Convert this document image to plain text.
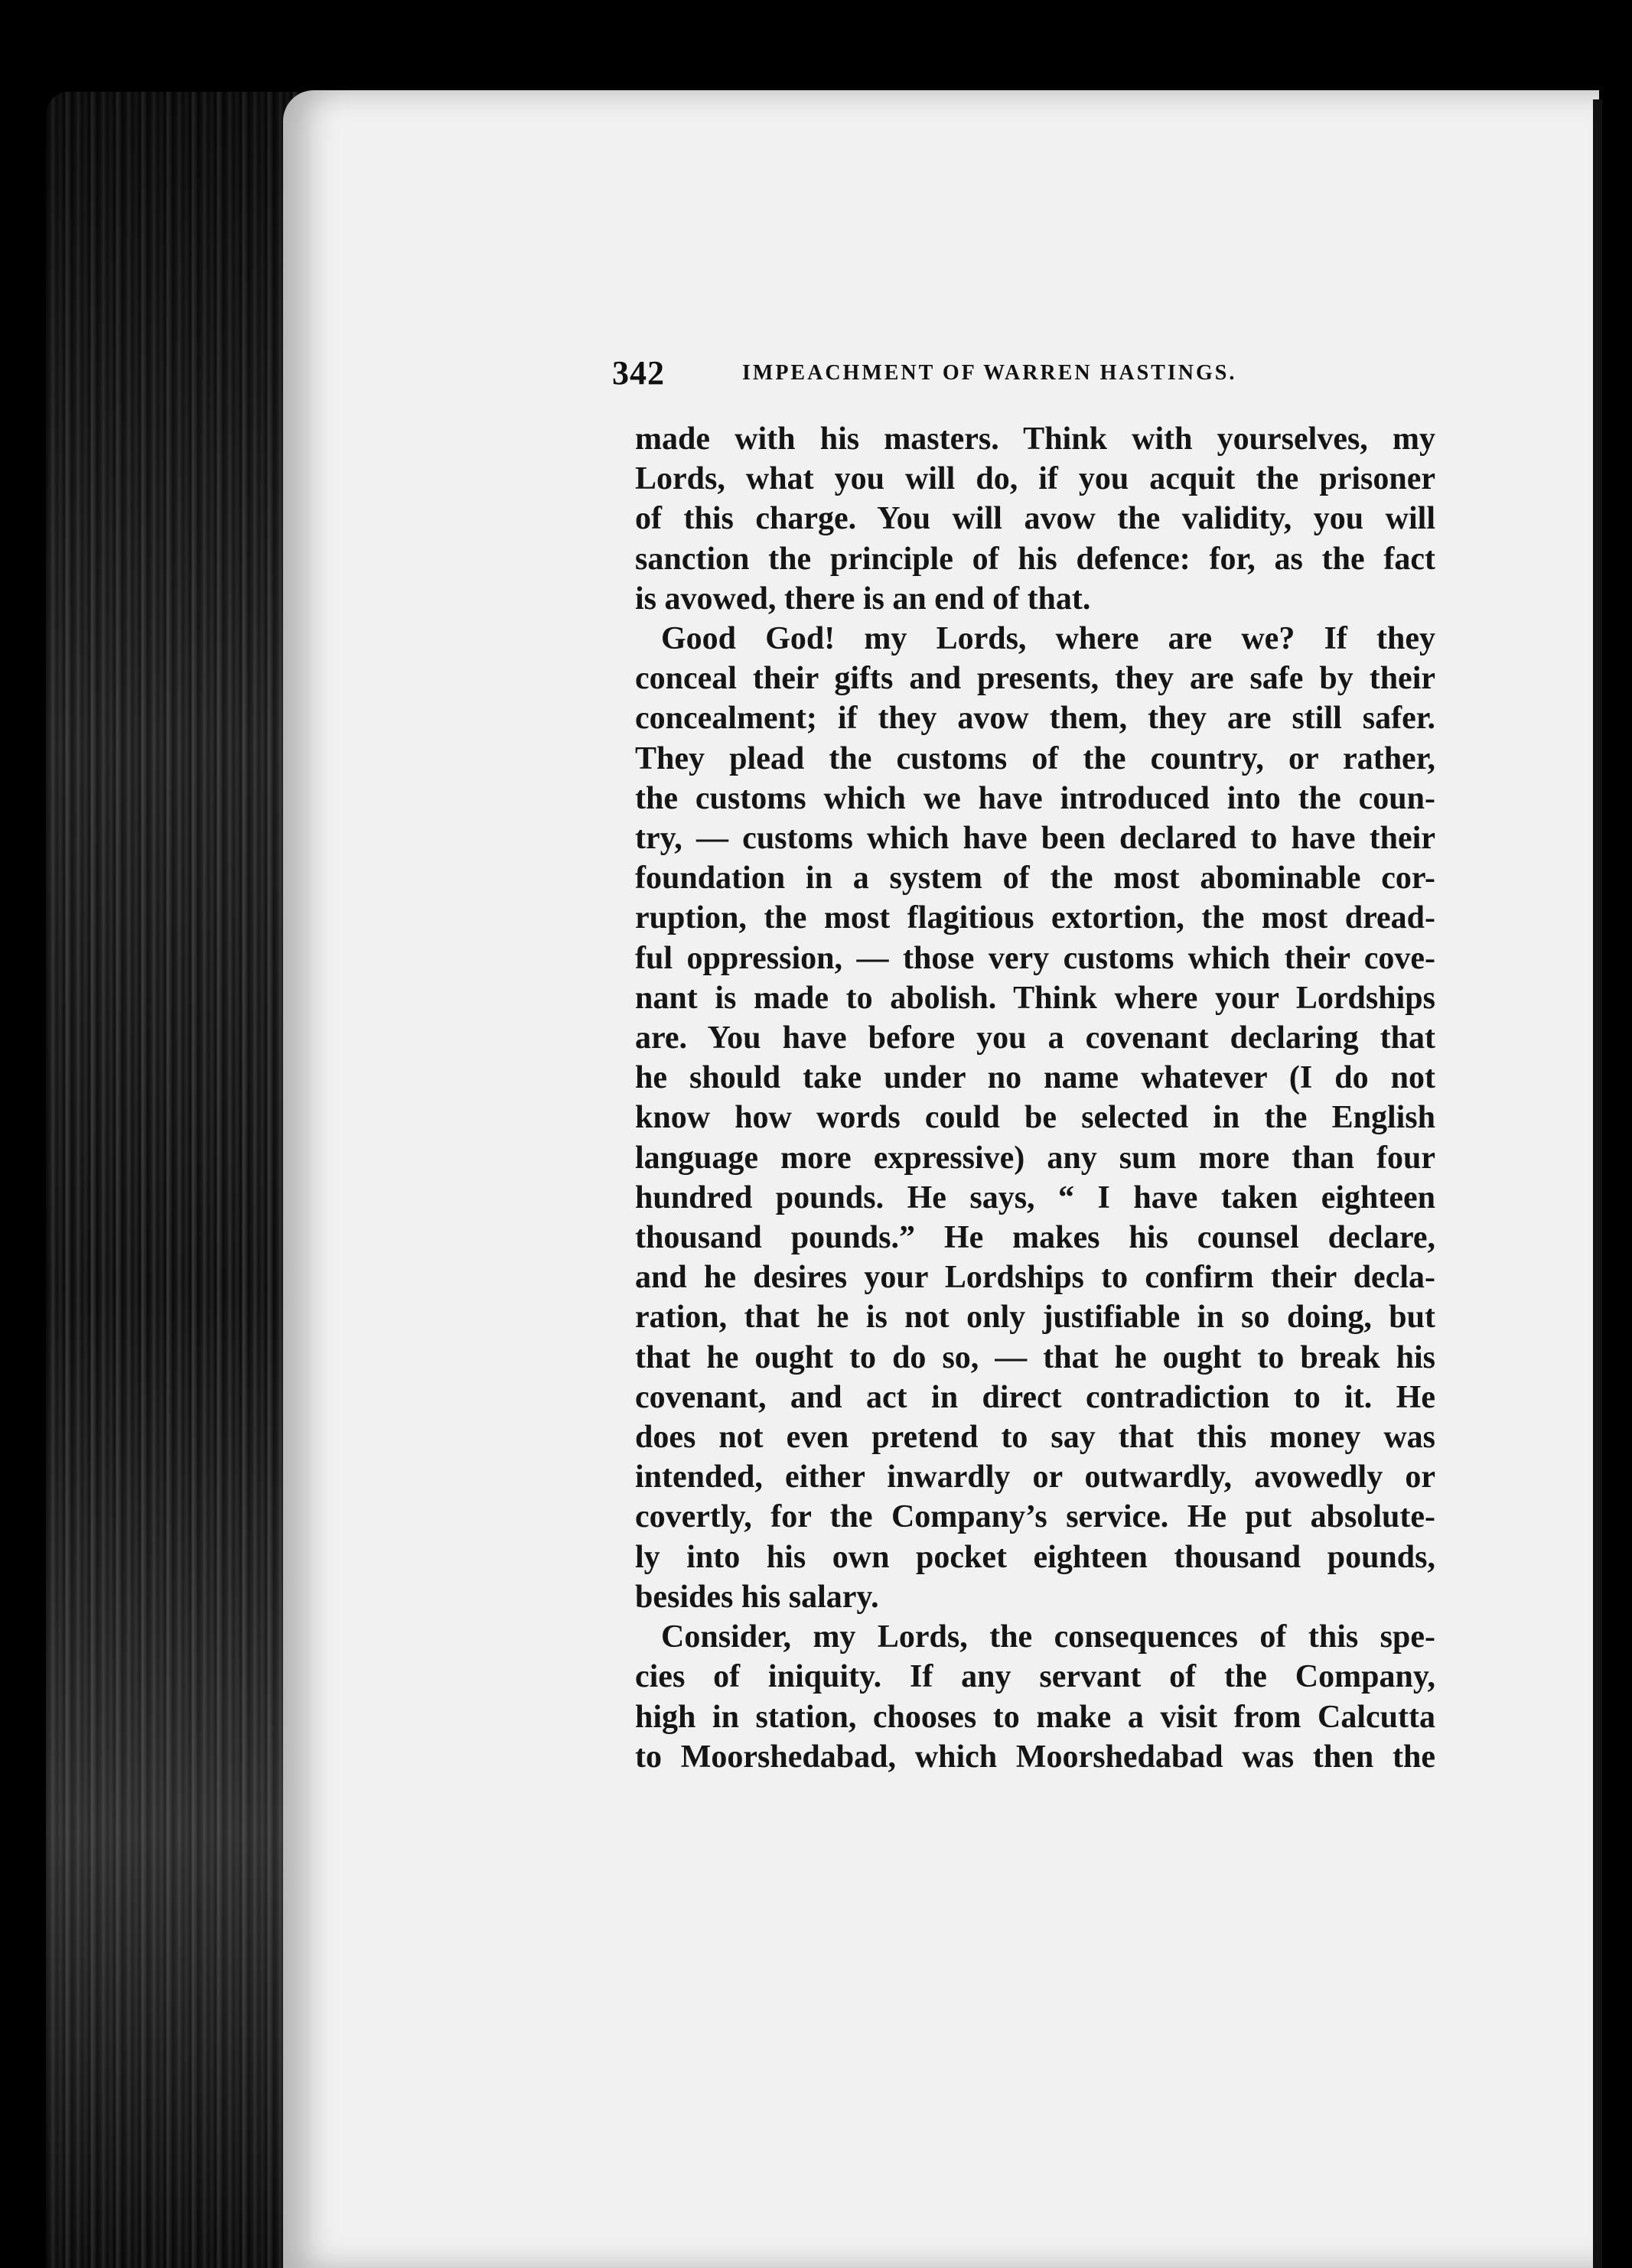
342	IMPEACHMENT OF WARREN HASTINGS.
made with his masters. Think with yourselves, my
Lords, what you will do, if you acquit the prisoner
of this charge. You will avow the validity, you will
sanction the principle of his defence: for, as the fact
is avowed, there is an end of that.
Good God! my Lords, where are we? If they
conceal their gifts and presents, they are safe by their
concealment; if they avow them, they are still safer.
They plead the customs of the country, or rather,
the customs which we have introduced into the coun-
try, — customs which have been declared to have their
foundation in a system of the most abominable cor-
ruption, the most flagitious extortion, the most dread-
ful oppression, — those very customs which their cove-
nant is made to abolish. Think where your Lordships
are. You have before you a covenant declaring that
he should take under no name whatever (I do not
know how words could be selected in the English
language more expressive) any sum more than four
hundred pounds. He says, “ I have taken eighteen
thousand pounds.” He makes his counsel declare,
and he desires your Lordships to confirm their decla-
ration, that he is not only justifiable in so doing, but
that he ought to do so, — that he ought to break his
covenant, and act in direct contradiction to it. He
does not even pretend to say that this money was
intended, either inwardly or outwardly, avowedly or
covertly, for the Company’s service. He put absolute-
ly into his own pocket eighteen thousand pounds,
besides his salary.
Consider, my Lords, the consequences of this spe-
cies of iniquity. If any servant of the Company,
high in station, chooses to make a visit from Calcutta
to Moorshedabad, which Moorshedabad was then the
